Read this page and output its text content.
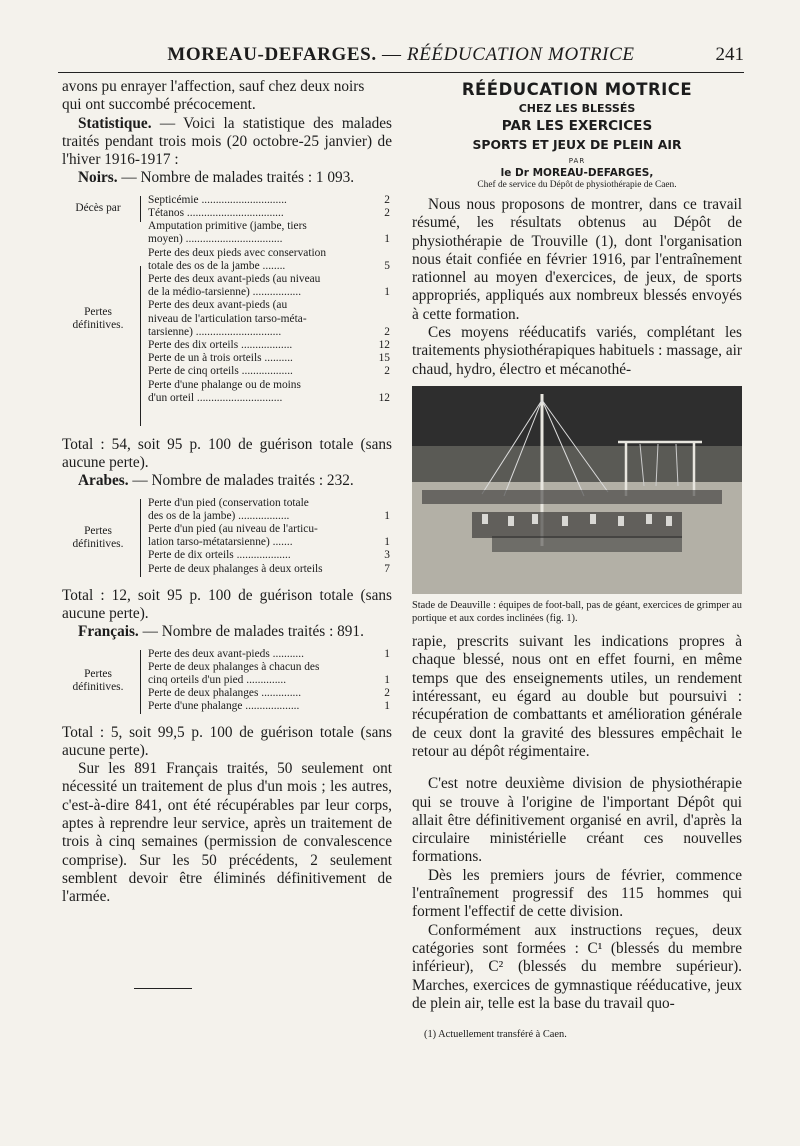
MOREAU-DEFARGES. — RÉÉDUCATION MOTRICE	241

avons pu enrayer l'affection, sauf chez deux noirs

qui ont succombé précocement.

Statistique. — Voici la statistique des malades traités pendant trois mois (20 octobre-25 janvier) de l'hiver 1916-1917 :

Noirs. — Nombre de malades traités : 1 093.

Décès par
Septicémie ..............................	2
Tétanos ..................................	2
Pertes
définitives.
Amputation primitive (jambe, tiers
moyen) ..................................	1
Perte des deux pieds avec conservation
totale des os de la jambe ........	5
Perte des deux avant-pieds (au niveau
de la médio-tarsienne) .................	1
Perte des deux avant-pieds (au
niveau de l'articulation tarso-méta-
tarsienne) ..............................	2
Perte des dix orteils ..................	12
Perte de un à trois orteils ..........	15
Perte de cinq orteils ..................	2
Perte d'une phalange ou de moins
d'un orteil ..............................	12

Total : 54, soit 95 p. 100 de guérison totale (sans aucune perte).

Arabes. — Nombre de malades traités : 232.

Pertes
définitives.
Perte d'un pied (conservation totale
des os de la jambe) ..................	1
Perte d'un pied (au niveau de l'articu-
lation tarso-métatarsienne) .......	1
Perte de dix orteils ...................	3
Perte de deux phalanges à deux orteils	7

Total : 12, soit 95 p. 100 de guérison totale (sans aucune perte).

Français. — Nombre de malades traités : 891.

Pertes
définitives.
Perte des deux avant-pieds ...........	1
Perte de deux phalanges à chacun des
cinq orteils d'un pied ..............	1
Perte de deux phalanges ..............	2
Perte d'une phalange ...................	1

Total : 5, soit 99,5 p. 100 de guérison totale (sans aucune perte).

Sur les 891 Français traités, 50 seulement ont nécessité un traitement de plus d'un mois ; les autres, c'est-à-dire 841, ont été récupérables par leur corps, aptes à reprendre leur service, après un traitement de trois à cinq semaines (permission de convalescence comprise). Sur les 50 précédents, 2 seulement semblent devoir être éliminés définitivement de l'armée.

RÉÉDUCATION MOTRICE
CHEZ LES BLESSÉS
PAR LES EXERCICES
SPORTS ET JEUX DE PLEIN AIR
PAR
le Dr MOREAU-DEFARGES,
Chef de service du Dépôt de physiothérapie de Caen.

Nous nous proposons de montrer, dans ce travail résumé, les résultats obtenus au Dépôt de physiothérapie de Trouville (1), dont l'organisation nous était confiée en février 1916, par l'entraînement rationnel au moyen d'exercices, de jeux, de sports appropriés, appliqués aux nombreux blessés envoyés à cette formation.

Ces moyens rééducatifs variés, complétant les traitements physiothérapiques habituels : massage, air chaud, hydro, électro et mécanothé-

Stade de Deauville : équipes de foot-ball, pas de géant, exercices de grimper au portique et aux cordes inclinées (fig. 1).

rapie, prescrits suivant les indications propres à chaque blessé, nous ont en effet fourni, en même temps que des enseignements utiles, un rendement intéressant, eu égard au double but poursuivi : récupération de combattants et amélioration générale de ceux dont la gravité des blessures empêchait le retour au dépôt régimentaire.

C'est notre deuxième division de physiothérapie qui se trouve à l'origine de l'important Dépôt qui allait être définitivement organisé en avril, d'après la circulaire ministérielle créant ces nouvelles formations.

Dès les premiers jours de février, commence l'entraînement progressif des 115 hommes qui forment l'effectif de cette division.

Conformément aux instructions reçues, deux catégories sont formées : C¹ (blessés du membre inférieur), C² (blessés du membre supérieur). Marches, exercices de gymnastique rééducative, jeux de plein air, telle est la base du travail quo-

(1) Actuellement transféré à Caen.
